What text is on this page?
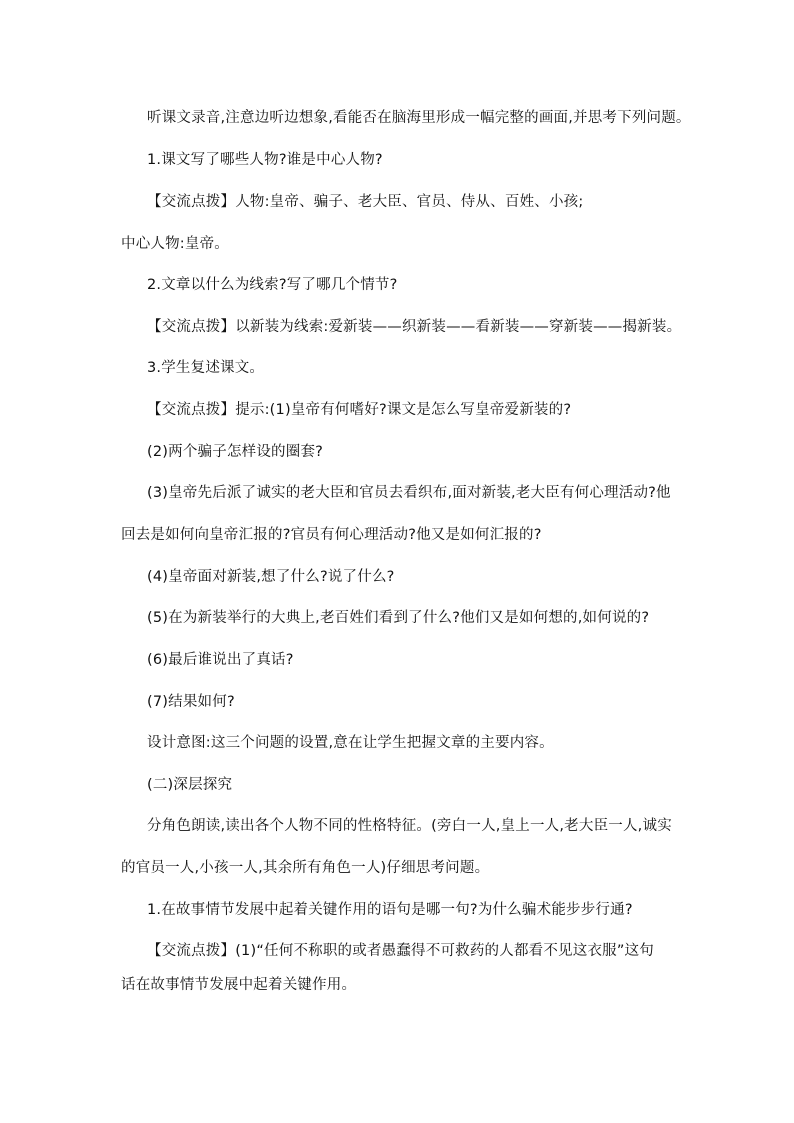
听课文录音,注意边听边想象,看能否在脑海里形成一幅完整的画面,并思考下列问题。
1.课文写了哪些人物?谁是中心人物?
【交流点拨】人物:皇帝、骗子、老大臣、官员、侍从、百姓、小孩;
中心人物:皇帝。
2.文章以什么为线索?写了哪几个情节?
【交流点拨】以新装为线索:爱新装——织新装——看新装——穿新装——揭新装。
3.学生复述课文。
【交流点拨】提示:(1)皇帝有何嗜好?课文是怎么写皇帝爱新装的?
(2)两个骗子怎样设的圈套?
(3)皇帝先后派了诚实的老大臣和官员去看织布,面对新装,老大臣有何心理活动?他
回去是如何向皇帝汇报的?官员有何心理活动?他又是如何汇报的?
(4)皇帝面对新装,想了什么?说了什么?
(5)在为新装举行的大典上,老百姓们看到了什么?他们又是如何想的,如何说的?
(6)最后谁说出了真话?
(7)结果如何?
设计意图:这三个问题的设置,意在让学生把握文章的主要内容。
(二)深层探究
分角色朗读,读出各个人物不同的性格特征。(旁白一人,皇上一人,老大臣一人,诚实
的官员一人,小孩一人,其余所有角色一人)仔细思考问题。
1.在故事情节发展中起着关键作用的语句是哪一句?为什么骗术能步步行通?
【交流点拨】(1)“任何不称职的或者愚蠢得不可救药的人都看不见这衣服”这句
话在故事情节发展中起着关键作用。
